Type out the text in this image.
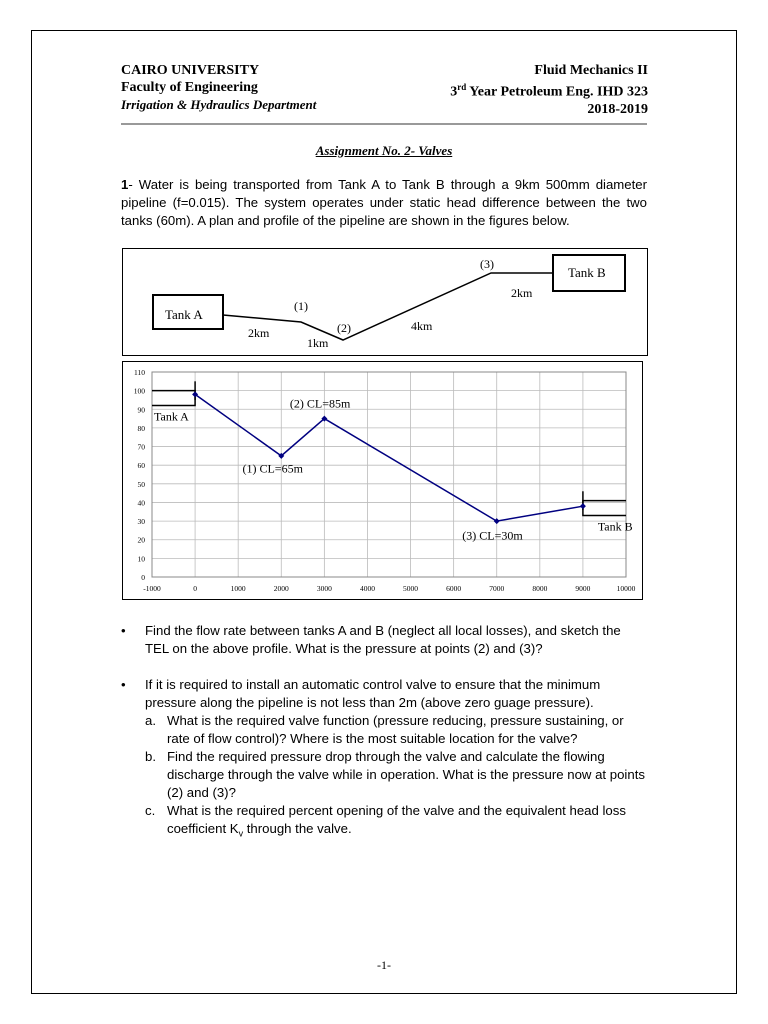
CAIRO UNIVERSITY
Faculty of Engineering
Irrigation & Hydraulics Department
Fluid Mechanics II
3rd Year Petroleum Eng. IHD 323
2018-2019
Assignment No. 2- Valves
1- Water is being transported from Tank A to Tank B through a 9km 500mm diameter pipeline (f=0.015). The system operates under static head difference between the two tanks (60m). A plan and profile of the pipeline are shown in the figures below.
Tank A
Tank B
(1)
(2)
(3)
2km
1km
4km
2km
-1000	0	1000	2000	3000	4000	5000	6000	7000	8000	9000	10000
0
10
20
30
40
50
60
70
80
90
100
110
Tank A
(2) CL=85m
(1) CL=65m
(3) CL=30m
Tank B
• Find the flow rate between tanks A and B (neglect all local losses), and sketch the TEL on the above profile. What is the pressure at points (2) and (3)?
• If it is required to install an automatic control valve to ensure that the minimum pressure along the pipeline is not less than 2m (above zero guage pressure).
a. What is the required valve function (pressure reducing, pressure sustaining, or rate of flow control)? Where is the most suitable location for the valve?
b. Find the required pressure drop through the valve and calculate the flowing discharge through the valve while in operation. What is the pressure now at points (2) and (3)?
c. What is the required percent opening of the valve and the equivalent head loss coefficient $K_v$ through the valve.
-1-
